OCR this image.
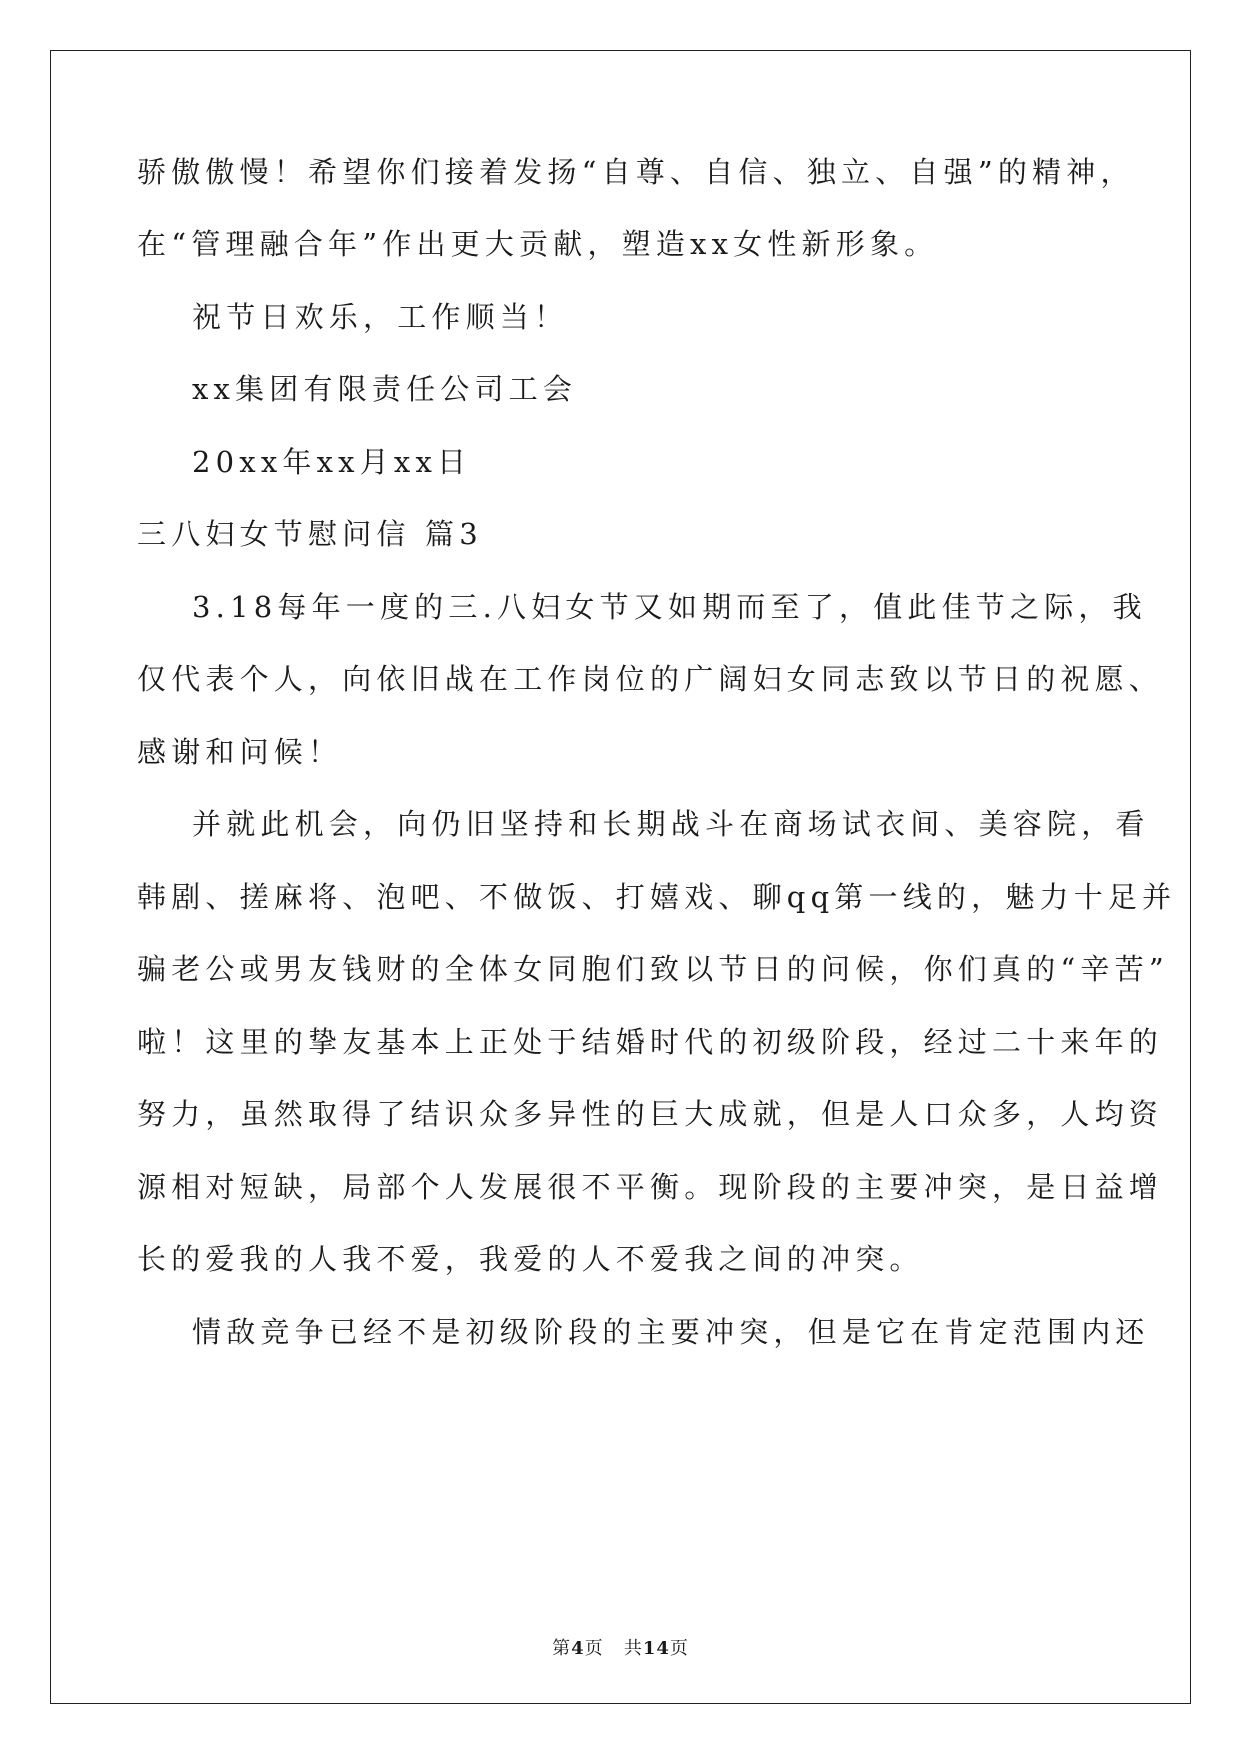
骄傲傲慢！希望你们接着发扬“自尊、自信、独立、自强”的精神，
在“管理融合年”作出更大贡献，塑造xx女性新形象。
祝节日欢乐，工作顺当！
xx集团有限责任公司工会
20xx年xx月xx日
三八妇女节慰问信 篇3
3.18每年一度的三.八妇女节又如期而至了，值此佳节之际，我
仅代表个人，向依旧战在工作岗位的广阔妇女同志致以节日的祝愿、
感谢和问候！
并就此机会，向仍旧坚持和长期战斗在商场试衣间、美容院，看
韩剧、搓麻将、泡吧、不做饭、打嬉戏、聊qq第一线的，魅力十足并
骗老公或男友钱财的全体女同胞们致以节日的问候，你们真的“辛苦”
啦！这里的挚友基本上正处于结婚时代的初级阶段，经过二十来年的
努力，虽然取得了结识众多异性的巨大成就，但是人口众多，人均资
源相对短缺，局部个人发展很不平衡。现阶段的主要冲突，是日益增
长的爱我的人我不爱，我爱的人不爱我之间的冲突。
情敌竞争已经不是初级阶段的主要冲突，但是它在肯定范围内还
第4页 共14页
